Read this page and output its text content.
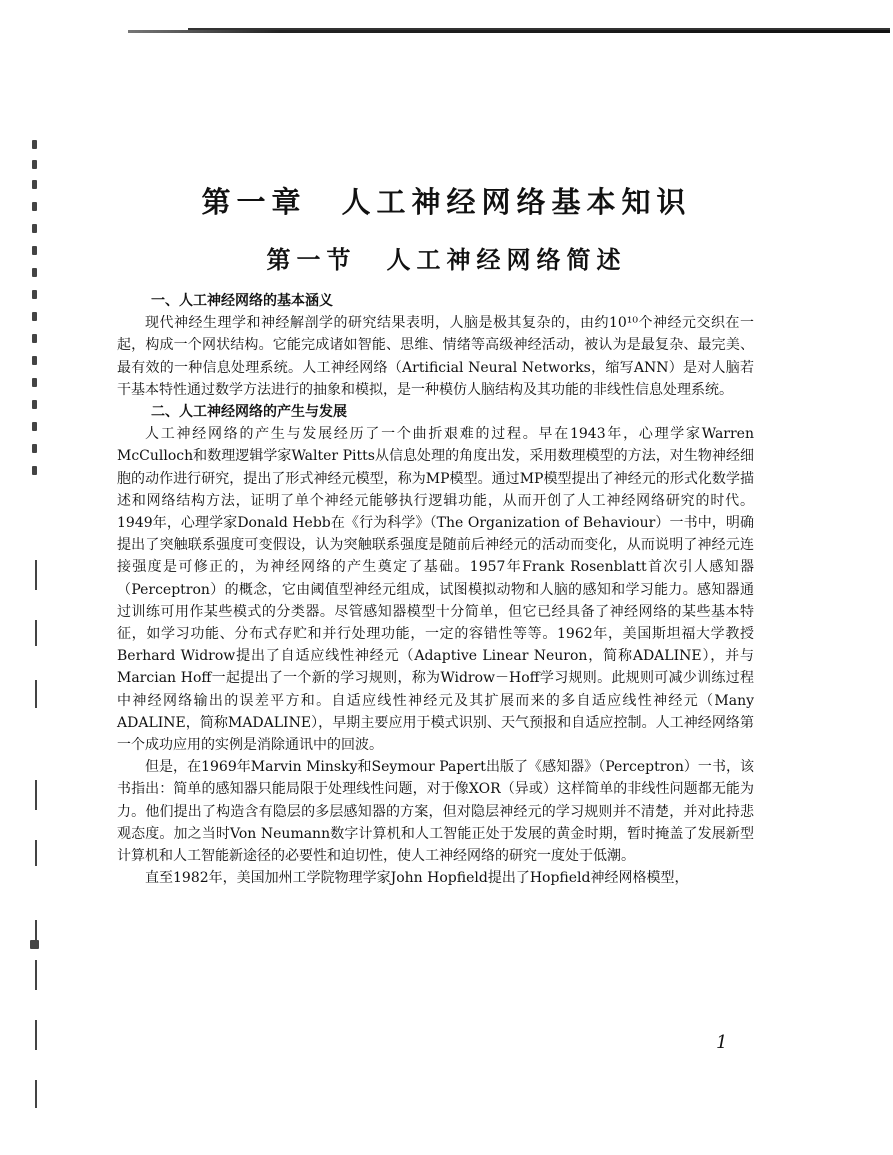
第一章　人工神经网络基本知识
第一节　人工神经网络简述
一、人工神经网络的基本涵义

现代神经生理学和神经解剖学的研究结果表明，人脑是极其复杂的，由约10¹⁰个神经元交织在一起，构成一个网状结构。它能完成诸如智能、思维、情绪等高级神经活动，被认为是最复杂、最完美、最有效的一种信息处理系统。人工神经网络（Artificial Neural Networks，缩写ANN）是对人脑若干基本特性通过数学方法进行的抽象和模拟，是一种模仿人脑结构及其功能的非线性信息处理系统。

二、人工神经网络的产生与发展

人工神经网络的产生与发展经历了一个曲折艰难的过程。早在1943年，心理学家Warren McCulloch和数理逻辑学家Walter Pitts从信息处理的角度出发，采用数理模型的方法，对生物神经细胞的动作进行研究，提出了形式神经元模型，称为MP模型。通过MP模型提出了神经元的形式化数学描述和网络结构方法，证明了单个神经元能够执行逻辑功能，从而开创了人工神经网络研究的时代。1949年，心理学家Donald Hebb在《行为科学》（The Organization of Behaviour）一书中，明确提出了突触联系强度可变假设，认为突触联系强度是随前后神经元的活动而变化，从而说明了神经元连接强度是可修正的，为神经网络的产生奠定了基础。1957年Frank Rosenblatt首次引人感知器（Perceptron）的概念，它由阈值型神经元组成，试图模拟动物和人脑的感知和学习能力。感知器通过训练可用作某些模式的分类器。尽管感知器模型十分简单，但它已经具备了神经网络的某些基本特征，如学习功能、分布式存贮和并行处理功能，一定的容错性等等。1962年，美国斯坦福大学教授Berhard Widrow提出了自适应线性神经元（Adaptive Linear Neuron，简称ADALINE），并与Marcian Hoff一起提出了一个新的学习规则，称为Widrow－Hoff学习规则。此规则可减少训练过程中神经网络输出的误差平方和。自适应线性神经元及其扩展而来的多自适应线性神经元（Many ADALINE，简称MADALINE），早期主要应用于模式识别、天气预报和自适应控制。人工神经网络第一个成功应用的实例是消除通讯中的回波。

但是，在1969年Marvin Minsky和Seymour Papert出版了《感知器》（Perceptron）一书，该书指出：简单的感知器只能局限于处理线性问题，对于像XOR（异或）这样简单的非线性问题都无能为力。他们提出了构造含有隐层的多层感知器的方案，但对隐层神经元的学习规则并不清楚，并对此持悲观态度。加之当时Von Neumann数字计算机和人工智能正处于发展的黄金时期，暂时掩盖了发展新型计算机和人工智能新途径的必要性和迫切性，使人工神经网络的研究一度处于低潮。

直至1982年，美国加州工学院物理学家John Hopfield提出了Hopfield神经网格模型，

1
